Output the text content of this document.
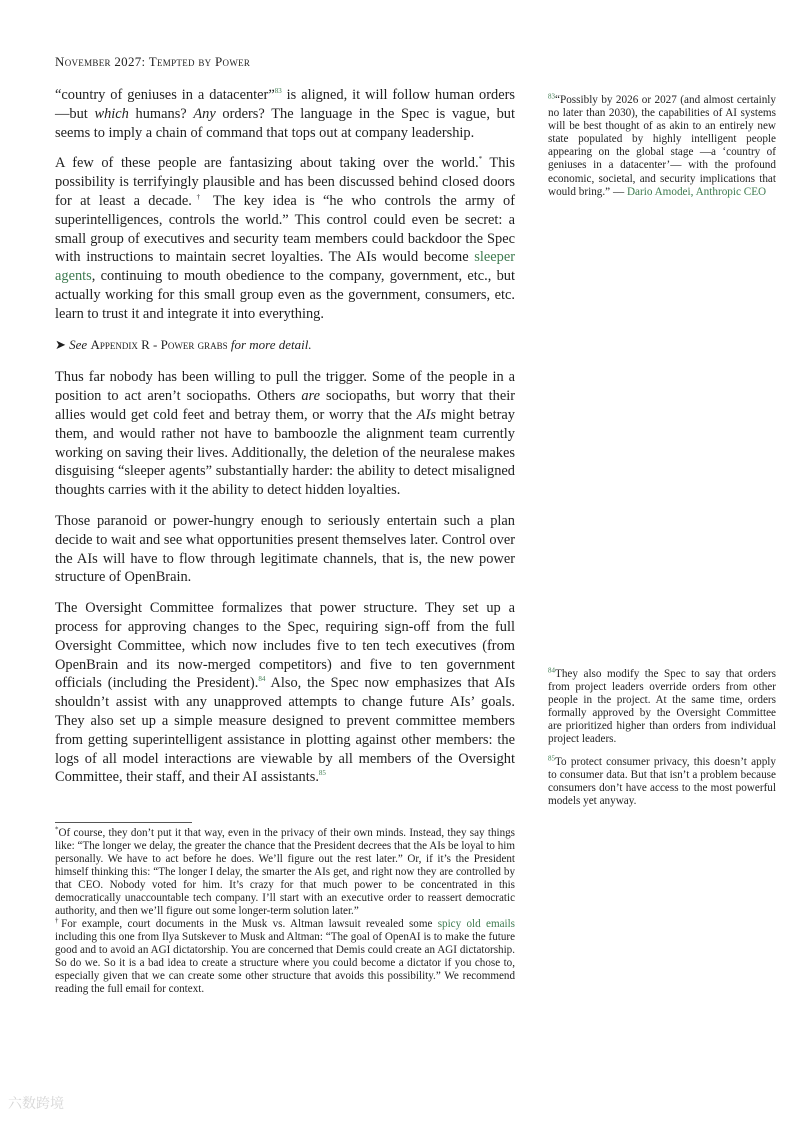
November 2027: Tempted by Power

“country of geniuses in a datacenter”$^{83}$ is aligned, it will follow human orders —but which humans? Any orders? The language in the Spec is vague, but seems to imply a chain of command that tops out at company leadership.

A few of these people are fantasizing about taking over the world.* This possibility is terrifyingly plausible and has been discussed behind closed doors for at least a decade.† The key idea is “he who controls the army of superintelligences, controls the world.” This control could even be secret: a small group of executives and security team members could backdoor the Spec with instructions to maintain secret loyalties. The AIs would become sleeper agents, continuing to mouth obedience to the company, government, etc., but actually working for this small group even as the government, consumers, etc. learn to trust it and integrate it into everything.

➤ See Appendix R - Power grabs for more detail.

Thus far nobody has been willing to pull the trigger. Some of the people in a position to act aren’t sociopaths. Others are sociopaths, but worry that their allies would get cold feet and betray them, or worry that the AIs might betray them, and would rather not have to bamboozle the alignment team currently working on saving their lives. Additionally, the deletion of the neuralese makes disguising “sleeper agents” substantially harder: the ability to detect misaligned thoughts carries with it the ability to detect hidden loyalties.

Those paranoid or power-hungry enough to seriously entertain such a plan decide to wait and see what opportunities present themselves later. Control over the AIs will have to flow through legitimate channels, that is, the new power structure of OpenBrain.

The Oversight Committee formalizes that power structure. They set up a process for approving changes to the Spec, requiring sign-off from the full Oversight Committee, which now includes five to ten tech executives (from OpenBrain and its now-merged competitors) and five to ten government officials (including the President).$^{84}$ Also, the Spec now emphasizes that AIs shouldn’t assist with any unapproved attempts to change future AIs’ goals. They also set up a simple measure designed to prevent committee members from getting superintelligent assistance in plotting against other members: the logs of all model interactions are viewable by all members of the Oversight Committee, their staff, and their AI assistants.$^{85}$

$^{83}$“Possibly by 2026 or 2027 (and almost certainly no later than 2030), the capabilities of AI systems will be best thought of as akin to an entirely new state populated by highly intelligent people appearing on the global stage —a ‘country of geniuses in a datacenter’— with the profound economic, societal, and security implications that would bring.” — Dario Amodei, Anthropic CEO

$^{84}$They also modify the Spec to say that orders from project leaders override orders from other people in the project. At the same time, orders formally approved by the Oversight Committee are prioritized higher than orders from individual project leaders.

$^{85}$To protect consumer privacy, this doesn’t apply to consumer data. But that isn’t a problem because consumers don’t have access to the most powerful models yet anyway.

*Of course, they don’t put it that way, even in the privacy of their own minds. Instead, they say things like: “The longer we delay, the greater the chance that the President decrees that the AIs be loyal to him personally. We have to act before he does. We’ll figure out the rest later.” Or, if it’s the President himself thinking this: “The longer I delay, the smarter the AIs get, and right now they are controlled by that CEO. Nobody voted for him. It’s crazy for that much power to be concentrated in this democratically unaccountable tech company. I’ll start with an executive order to reassert democratic authority, and then we’ll figure out some longer-term solution later.”

†For example, court documents in the Musk vs. Altman lawsuit revealed some spicy old emails including this one from Ilya Sutskever to Musk and Altman: “The goal of OpenAI is to make the future good and to avoid an AGI dictatorship. You are concerned that Demis could create an AGI dictatorship. So do we. So it is a bad idea to create a structure where you could become a dictator if you chose to, especially given that we can create some other structure that avoids this possibility.” We recommend reading the full email for context.

六数跨境
